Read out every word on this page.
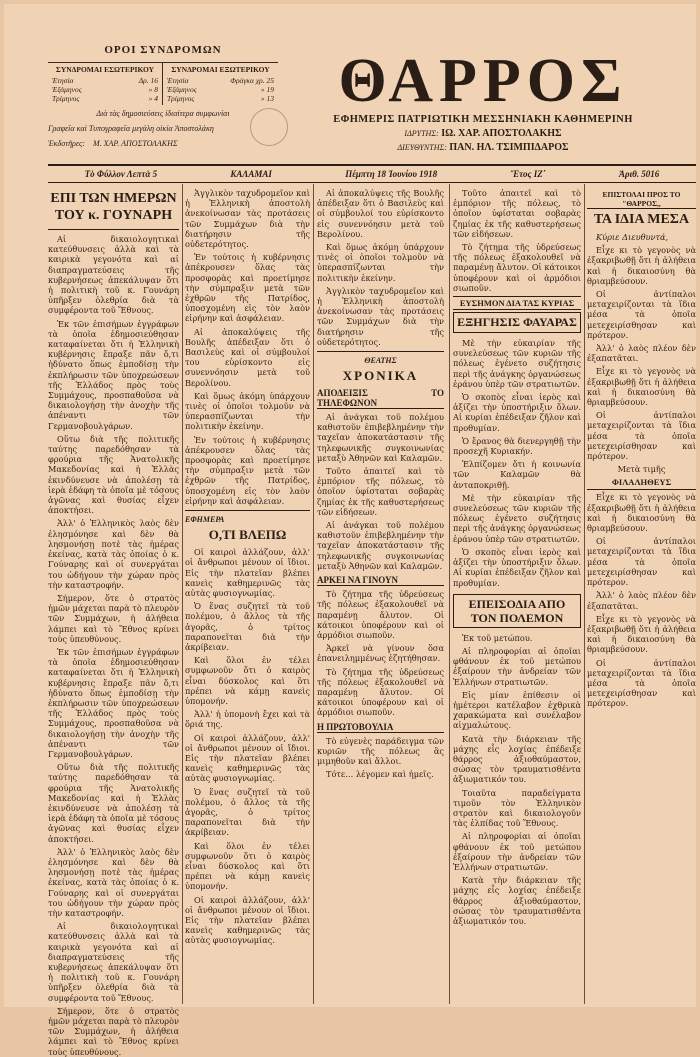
ΟΡΟΙ ΣΥΝΔΡΟΜΩΝ
ΣΥΝΔΡΟΜΑΙ ΕΣΩΤΕΡΙΚΟΥ
Ἐτησία	Δρ. 16
Ἑξάμηνος	» 8
Τρίμηνος	» 4
ΣΥΝΔΡΟΜΑΙ ΕΞΩΤΕΡΙΚΟΥ
Ἐτησία	Φράγκα χρ. 25
Ἑξάμηνος	» 19
Τρίμηνος	» 13
Διὰ τὰς δημοσιεύσεις ἰδιαίτερα συμφωνίαι
Γραφεῖα καὶ Τυπογραφεῖα μεγάλη οἰκία Ἀποστολάκη
Ἐκδοτῆρες: Μ. ΧΑΡ. ΑΠΟΣΤΟΛΑΚΗΣ
ΘΑΡΡΟΣ
ΕΦΗΜΕΡΙΣ ΠΑΤΡΙΩΤΙΚΗ ΜΕΣΣΗΝΙΑΚΗ ΚΑΘΗΜΕΡΙΝΗ
ΙΔΡΥΤΗΣ: ΙΩ. ΧΑΡ. ΑΠΟΣΤΟΛΑΚΗΣ
ΔΙΕΥΘΥΝΤΗΣ: ΠΑΝ. ΗΛ. ΤΣΙΜΠΙΔΑΡΟΣ
Τὸ Φύλλον Λεπτὰ 5	ΚΑΛΑΜΑΙ	Πέμπτη 18 Ἰουνίου 1918	Ἔτος ΙΖ΄	Ἀριθ. 5016
ΕΠΙ ΤΩΝ ΗΜΕΡΩΝ ΤΟΥ κ. ΓΟΥΝΑΡΗ

Αἱ δικαιολογητικαὶ κατεύθυνσεις ἀλλὰ καὶ τὰ καιρικὰ γεγονότα καὶ αἱ διαπραγματεύσεις τῆς κυβερνήσεως ἀπεκάλυψαν ὅτι ἡ πολιτικὴ τοῦ κ. Γουνάρη ὑπῆρξεν ὀλεθρία διὰ τὰ συμφέροντα τοῦ Ἔθνους.

Ἐκ τῶν ἐπισήμων ἐγγράφων τὰ ὁποῖα ἐδημοσιεύθησαν καταφαίνεται ὅτι ἡ Ἑλληνικὴ κυβέρνησις ἔπραξε πᾶν ὅ,τι ἠδύνατο ὅπως ἐμποδίσῃ τὴν ἐκπλήρωσιν τῶν ὑποχρεώσεων τῆς Ἑλλάδος πρὸς τοὺς Συμμάχους, προσπαθοῦσα νὰ δικαιολογήσῃ τὴν ἀνοχὴν τῆς ἀπέναντι τῶν Γερμανοβουλγάρων.

Οὕτω διὰ τῆς πολιτικῆς ταύτης παρεδόθησαν τὰ φρούρια τῆς Ἀνατολικῆς Μακεδονίας καὶ ἡ Ἑλλὰς ἐκινδύνευσε νὰ ἀπολέσῃ τὰ ἱερὰ ἐδάφη τὰ ὁποῖα μὲ τόσους ἀγῶνας καὶ θυσίας εἶχεν ἀποκτήσει.

Ἀλλ' ὁ Ἑλληνικὸς λαὸς δὲν ἐλησμόνησε καὶ δὲν θὰ λησμονήσῃ ποτὲ τὰς ἡμέρας ἐκείνας, κατὰ τὰς ὁποίας ὁ κ. Γούναρης καὶ οἱ συνεργάται του ὡδήγουν τὴν χώραν πρὸς τὴν καταστροφήν.

Σήμερον, ὅτε ὁ στρατὸς ἡμῶν μάχεται παρὰ τὸ πλευρὸν τῶν Συμμάχων, ἡ ἀλήθεια λάμπει καὶ τὸ Ἔθνος κρίνει τοὺς ὑπευθύνους.

Ἐκ τῶν ἐπισήμων ἐγγράφων τὰ ὁποῖα ἐδημοσιεύθησαν καταφαίνεται ὅτι ἡ Ἑλληνικὴ κυβέρνησις ἔπραξε πᾶν ὅ,τι ἠδύνατο ὅπως ἐμποδίσῃ τὴν ἐκπλήρωσιν τῶν ὑποχρεώσεων τῆς Ἑλλάδος πρὸς τοὺς Συμμάχους, προσπαθοῦσα νὰ δικαιολογήσῃ τὴν ἀνοχὴν τῆς ἀπέναντι τῶν Γερμανοβουλγάρων.

Οὕτω διὰ τῆς πολιτικῆς ταύτης παρεδόθησαν τὰ φρούρια τῆς Ἀνατολικῆς Μακεδονίας καὶ ἡ Ἑλλὰς ἐκινδύνευσε νὰ ἀπολέσῃ τὰ ἱερὰ ἐδάφη τὰ ὁποῖα μὲ τόσους ἀγῶνας καὶ θυσίας εἶχεν ἀποκτήσει.

Ἀλλ' ὁ Ἑλληνικὸς λαὸς δὲν ἐλησμόνησε καὶ δὲν θὰ λησμονήσῃ ποτὲ τὰς ἡμέρας ἐκείνας, κατὰ τὰς ὁποίας ὁ κ. Γούναρης καὶ οἱ συνεργάται του ὡδήγουν τὴν χώραν πρὸς τὴν καταστροφήν.

Αἱ δικαιολογητικαὶ κατεύθυνσεις ἀλλὰ καὶ τὰ καιρικὰ γεγονότα καὶ αἱ διαπραγματεύσεις τῆς κυβερνήσεως ἀπεκάλυψαν ὅτι ἡ πολιτικὴ τοῦ κ. Γουνάρη ὑπῆρξεν ὀλεθρία διὰ τὰ συμφέροντα τοῦ Ἔθνους.

Σήμερον, ὅτε ὁ στρατὸς ἡμῶν μάχεται παρὰ τὸ πλευρὸν τῶν Συμμάχων, ἡ ἀλήθεια λάμπει καὶ τὸ Ἔθνος κρίνει τοὺς ὑπευθύνους.

Ἀγγλικὸν ταχυδρομεῖον καὶ ἡ Ἑλληνικὴ ἀποστολὴ ἀνεκοίνωσαν τὰς προτάσεις τῶν Συμμάχων διὰ τὴν διατήρησιν τῆς οὐδετερότητος.

Ἐν τούτοις ἡ κυβέρνησις ἀπέκρουσεν ὅλας τὰς προσφορὰς καὶ προετίμησε τὴν σύμπραξιν μετὰ τῶν ἐχθρῶν τῆς Πατρίδος, ὑποσχομένη εἰς τὸν λαὸν εἰρήνην καὶ ἀσφάλειαν.

Αἱ ἀποκαλύψεις τῆς Βουλῆς ἀπέδειξαν ὅτι ὁ Βασιλεὺς καὶ οἱ σύμβουλοί του εὑρίσκοντο εἰς συνεννόησιν μετὰ τοῦ Βερολίνου.

Καὶ ὅμως ἀκόμη ὑπάρχουν τινὲς οἱ ὁποῖοι τολμοῦν νὰ ὑπερασπίζωνται τὴν πολιτικὴν ἐκείνην.

Ἐν τούτοις ἡ κυβέρνησις ἀπέκρουσεν ὅλας τὰς προσφορὰς καὶ προετίμησε τὴν σύμπραξιν μετὰ τῶν ἐχθρῶν τῆς Πατρίδος, ὑποσχομένη εἰς τὸν λαὸν εἰρήνην καὶ ἀσφάλειαν.

ΕΦΗΜΕΡΑ
Ο,ΤΙ ΒΛΕΠΩ

Οἱ καιροὶ ἀλλάζουν, ἀλλ' οἱ ἄνθρωποι μένουν οἱ ἴδιοι. Εἰς τὴν πλατεῖαν βλέπει κανεὶς καθημερινῶς τὰς αὐτὰς φυσιογνωμίας.

Ὁ ἕνας συζητεῖ τὰ τοῦ πολέμου, ὁ ἄλλος τὰ τῆς ἀγορᾶς, ὁ τρίτος παραπονεῖται διὰ τὴν ἀκρίβειαν.

Καὶ ὅλοι ἐν τέλει συμφωνοῦν ὅτι ὁ καιρὸς εἶναι δύσκολος καὶ ὅτι πρέπει νὰ κάμῃ κανεὶς ὑπομονήν.

Ἀλλ' ἡ ὑπομονὴ ἔχει καὶ τὰ ὅριά της.

Οἱ καιροὶ ἀλλάζουν, ἀλλ' οἱ ἄνθρωποι μένουν οἱ ἴδιοι. Εἰς τὴν πλατεῖαν βλέπει κανεὶς καθημερινῶς τὰς αὐτὰς φυσιογνωμίας.

Ὁ ἕνας συζητεῖ τὰ τοῦ πολέμου, ὁ ἄλλος τὰ τῆς ἀγορᾶς, ὁ τρίτος παραπονεῖται διὰ τὴν ἀκρίβειαν.

Καὶ ὅλοι ἐν τέλει συμφωνοῦν ὅτι ὁ καιρὸς εἶναι δύσκολος καὶ ὅτι πρέπει νὰ κάμῃ κανεὶς ὑπομονήν.

Οἱ καιροὶ ἀλλάζουν, ἀλλ' οἱ ἄνθρωποι μένουν οἱ ἴδιοι. Εἰς τὴν πλατεῖαν βλέπει κανεὶς καθημερινῶς τὰς αὐτὰς φυσιογνωμίας.

Αἱ ἀποκαλύψεις τῆς Βουλῆς ἀπέδειξαν ὅτι ὁ Βασιλεὺς καὶ οἱ σύμβουλοί του εὑρίσκοντο εἰς συνεννόησιν μετὰ τοῦ Βερολίνου.

Καὶ ὅμως ἀκόμη ὑπάρχουν τινὲς οἱ ὁποῖοι τολμοῦν νὰ ὑπερασπίζωνται τὴν πολιτικὴν ἐκείνην.

Ἀγγλικὸν ταχυδρομεῖον καὶ ἡ Ἑλληνικὴ ἀποστολὴ ἀνεκοίνωσαν τὰς προτάσεις τῶν Συμμάχων διὰ τὴν διατήρησιν τῆς οὐδετερότητος.

ΘΕΑΤΗΣ
ΧΡΟΝΙΚΑ
ΑΠΟΔΕΙΞΙΣ ΤΟ ΤΗΛΕΦΩΝΟΝ

Αἱ ἀνάγκαι τοῦ πολέμου καθιστοῦν ἐπιβεβλημένην τὴν ταχεῖαν ἀποκατάστασιν τῆς τηλεφωνικῆς συγκοινωνίας μεταξὺ Ἀθηνῶν καὶ Καλαμῶν.

Τοῦτο ἀπαιτεῖ καὶ τὸ ἐμπόριον τῆς πόλεως, τὸ ὁποῖον ὑφίσταται σοβαρὰς ζημίας ἐκ τῆς καθυστερήσεως τῶν εἰδήσεων.

Αἱ ἀνάγκαι τοῦ πολέμου καθιστοῦν ἐπιβεβλημένην τὴν ταχεῖαν ἀποκατάστασιν τῆς τηλεφωνικῆς συγκοινωνίας μεταξὺ Ἀθηνῶν καὶ Καλαμῶν.

ΑΡΚΕΙ ΝΑ ΓΙΝΟΥΝ

Τὸ ζήτημα τῆς ὑδρεύσεως τῆς πόλεως ἐξακολουθεῖ νὰ παραμένῃ ἄλυτον. Οἱ κάτοικοι ὑποφέρουν καὶ οἱ ἁρμόδιοι σιωποῦν.

Ἀρκεῖ νὰ γίνουν ὅσα ἐπανειλημμένως ἐζητήθησαν.

Τὸ ζήτημα τῆς ὑδρεύσεως τῆς πόλεως ἐξακολουθεῖ νὰ παραμένῃ ἄλυτον. Οἱ κάτοικοι ὑποφέρουν καὶ οἱ ἁρμόδιοι σιωποῦν.

Η ΠΡΩΤΟΒΟΥΛΙΑ

Τὸ εὐγενὲς παράδειγμα τῶν κυριῶν τῆς πόλεως ἂς μιμηθοῦν καὶ ἄλλοι.

Τότε… λέγομεν καὶ ἡμεῖς.

Τοῦτο ἀπαιτεῖ καὶ τὸ ἐμπόριον τῆς πόλεως, τὸ ὁποῖον ὑφίσταται σοβαρὰς ζημίας ἐκ τῆς καθυστερήσεως τῶν εἰδήσεων.

Τὸ ζήτημα τῆς ὑδρεύσεως τῆς πόλεως ἐξακολουθεῖ νὰ παραμένῃ ἄλυτον. Οἱ κάτοικοι ὑποφέρουν καὶ οἱ ἁρμόδιοι σιωποῦν.

ΕΥΣΗΜΟΝ ΔΙΑ ΤΑΣ ΚΥΡΙΑΣ
ΕΞΗΓΗΣΙΣ ΦΑΥΑΡΑΣ

Μὲ τὴν εὐκαιρίαν τῆς συνελεύσεως τῶν κυριῶν τῆς πόλεως ἐγένετο συζήτησις περὶ τῆς ἀνάγκης ὀργανώσεως ἐράνου ὑπὲρ τῶν στρατιωτῶν.

Ὁ σκοπὸς εἶναι ἱερὸς καὶ ἀξίζει τὴν ὑποστήριξιν ὅλων. Αἱ κυρίαι ἐπέδειξαν ζῆλον καὶ προθυμίαν.

Ὁ ἔρανος θὰ διενεργηθῇ τὴν προσεχῆ Κυριακήν.

Ἐλπίζομεν ὅτι ἡ κοινωνία τῶν Καλαμῶν θὰ ἀνταποκριθῇ.

Μὲ τὴν εὐκαιρίαν τῆς συνελεύσεως τῶν κυριῶν τῆς πόλεως ἐγένετο συζήτησις περὶ τῆς ἀνάγκης ὀργανώσεως ἐράνου ὑπὲρ τῶν στρατιωτῶν.

Ὁ σκοπὸς εἶναι ἱερὸς καὶ ἀξίζει τὴν ὑποστήριξιν ὅλων. Αἱ κυρίαι ἐπέδειξαν ζῆλον καὶ προθυμίαν.

ΕΠΕΙΣΟΔΙΑ ΑΠΟ ΤΟΝ ΠΟΛΕΜΟΝ

Ἐκ τοῦ μετώπου.

Αἱ πληροφορίαι αἱ ὁποῖαι φθάνουν ἐκ τοῦ μετώπου ἐξαίρουν τὴν ἀνδρείαν τῶν Ἑλλήνων στρατιωτῶν.

Εἰς μίαν ἐπίθεσιν οἱ ἡμέτεροι κατέλαβον ἐχθρικὰ χαρακώματα καὶ συνέλαβον αἰχμαλώτους.

Κατὰ τὴν διάρκειαν τῆς μάχης εἷς λοχίας ἐπέδειξε θάρρος ἀξιοθαύμαστον, σώσας τὸν τραυματισθέντα ἀξιωματικόν του.

Τοιαῦτα παραδείγματα τιμοῦν τὸν Ἑλληνικὸν στρατὸν καὶ δικαιολογοῦν τὰς ἐλπίδας τοῦ Ἔθνους.

Αἱ πληροφορίαι αἱ ὁποῖαι φθάνουν ἐκ τοῦ μετώπου ἐξαίρουν τὴν ἀνδρείαν τῶν Ἑλλήνων στρατιωτῶν.

Κατὰ τὴν διάρκειαν τῆς μάχης εἷς λοχίας ἐπέδειξε θάρρος ἀξιοθαύμαστον, σώσας τὸν τραυματισθέντα ἀξιωματικόν του.

ΕΠΙΣΤΟΛΑΙ ΠΡΟΣ ΤΟ "ΘΑΡΡΟΣ,,
ΤΑ ΙΔΙΑ ΜΕΣΑ

Κύριε Διευθυντά,

Εἶχε κι τὸ γεγονὸς νὰ ἐξακριβωθῇ ὅτι ἡ ἀλήθεια καὶ ἡ δικαιοσύνη θὰ θριαμβεύσουν.

Οἱ ἀντίπαλοι μεταχειρίζονται τὰ ἴδια μέσα τὰ ὁποῖα μετεχειρίσθησαν καὶ πρότερον.

Ἀλλ' ὁ λαὸς πλέον δὲν ἐξαπατᾶται.

Εἶχε κι τὸ γεγονὸς νὰ ἐξακριβωθῇ ὅτι ἡ ἀλήθεια καὶ ἡ δικαιοσύνη θὰ θριαμβεύσουν.

Οἱ ἀντίπαλοι μεταχειρίζονται τὰ ἴδια μέσα τὰ ὁποῖα μετεχειρίσθησαν καὶ πρότερον.

Μετὰ τιμῆς

ΦΙΛΑΛΗΘΕΥΣ

Εἶχε κι τὸ γεγονὸς νὰ ἐξακριβωθῇ ὅτι ἡ ἀλήθεια καὶ ἡ δικαιοσύνη θὰ θριαμβεύσουν.

Οἱ ἀντίπαλοι μεταχειρίζονται τὰ ἴδια μέσα τὰ ὁποῖα μετεχειρίσθησαν καὶ πρότερον.

Ἀλλ' ὁ λαὸς πλέον δὲν ἐξαπατᾶται.

Εἶχε κι τὸ γεγονὸς νὰ ἐξακριβωθῇ ὅτι ἡ ἀλήθεια καὶ ἡ δικαιοσύνη θὰ θριαμβεύσουν.

Οἱ ἀντίπαλοι μεταχειρίζονται τὰ ἴδια μέσα τὰ ὁποῖα μετεχειρίσθησαν καὶ πρότερον.
